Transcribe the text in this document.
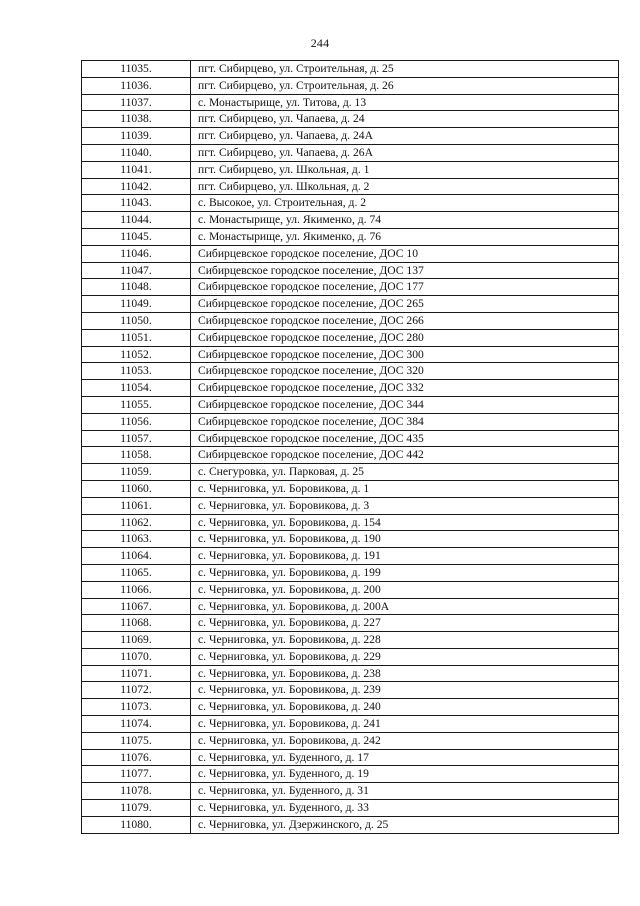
244
11035.	пгт. Сибирцево, ул. Строительная, д. 25
11036.	пгт. Сибирцево, ул. Строительная, д. 26
11037.	с. Монастырище, ул. Титова, д. 13
11038.	пгт. Сибирцево, ул. Чапаева, д. 24
11039.	пгт. Сибирцево, ул. Чапаева, д. 24А
11040.	пгт. Сибирцево, ул. Чапаева, д. 26А
11041.	пгт. Сибирцево, ул. Школьная, д. 1
11042.	пгт. Сибирцево, ул. Школьная, д. 2
11043.	с. Высокое, ул. Строительная, д. 2
11044.	с. Монастырище, ул. Якименко, д. 74
11045.	с. Монастырище, ул. Якименко, д. 76
11046.	Сибирцевское городское поселение, ДОС 10
11047.	Сибирцевское городское поселение, ДОС 137
11048.	Сибирцевское городское поселение, ДОС 177
11049.	Сибирцевское городское поселение, ДОС 265
11050.	Сибирцевское городское поселение, ДОС 266
11051.	Сибирцевское городское поселение, ДОС 280
11052.	Сибирцевское городское поселение, ДОС 300
11053.	Сибирцевское городское поселение, ДОС 320
11054.	Сибирцевское городское поселение, ДОС 332
11055.	Сибирцевское городское поселение, ДОС 344
11056.	Сибирцевское городское поселение, ДОС 384
11057.	Сибирцевское городское поселение, ДОС 435
11058.	Сибирцевское городское поселение, ДОС 442
11059.	с. Снегуровка, ул. Парковая, д. 25
11060.	с. Черниговка, ул. Боровикова, д. 1
11061.	с. Черниговка, ул. Боровикова, д. 3
11062.	с. Черниговка, ул. Боровикова, д. 154
11063.	с. Черниговка, ул. Боровикова, д. 190
11064.	с. Черниговка, ул. Боровикова, д. 191
11065.	с. Черниговка, ул. Боровикова, д. 199
11066.	с. Черниговка, ул. Боровикова, д. 200
11067.	с. Черниговка, ул. Боровикова, д. 200А
11068.	с. Черниговка, ул. Боровикова, д. 227
11069.	с. Черниговка, ул. Боровикова, д. 228
11070.	с. Черниговка, ул. Боровикова, д. 229
11071.	с. Черниговка, ул. Боровикова, д. 238
11072.	с. Черниговка, ул. Боровикова, д. 239
11073.	с. Черниговка, ул. Боровикова, д. 240
11074.	с. Черниговка, ул. Боровикова, д. 241
11075.	с. Черниговка, ул. Боровикова, д. 242
11076.	с. Черниговка, ул. Буденного, д. 17
11077.	с. Черниговка, ул. Буденного, д. 19
11078.	с. Черниговка, ул. Буденного, д. 31
11079.	с. Черниговка, ул. Буденного, д. 33
11080.	с. Черниговка, ул. Дзержинского, д. 25
